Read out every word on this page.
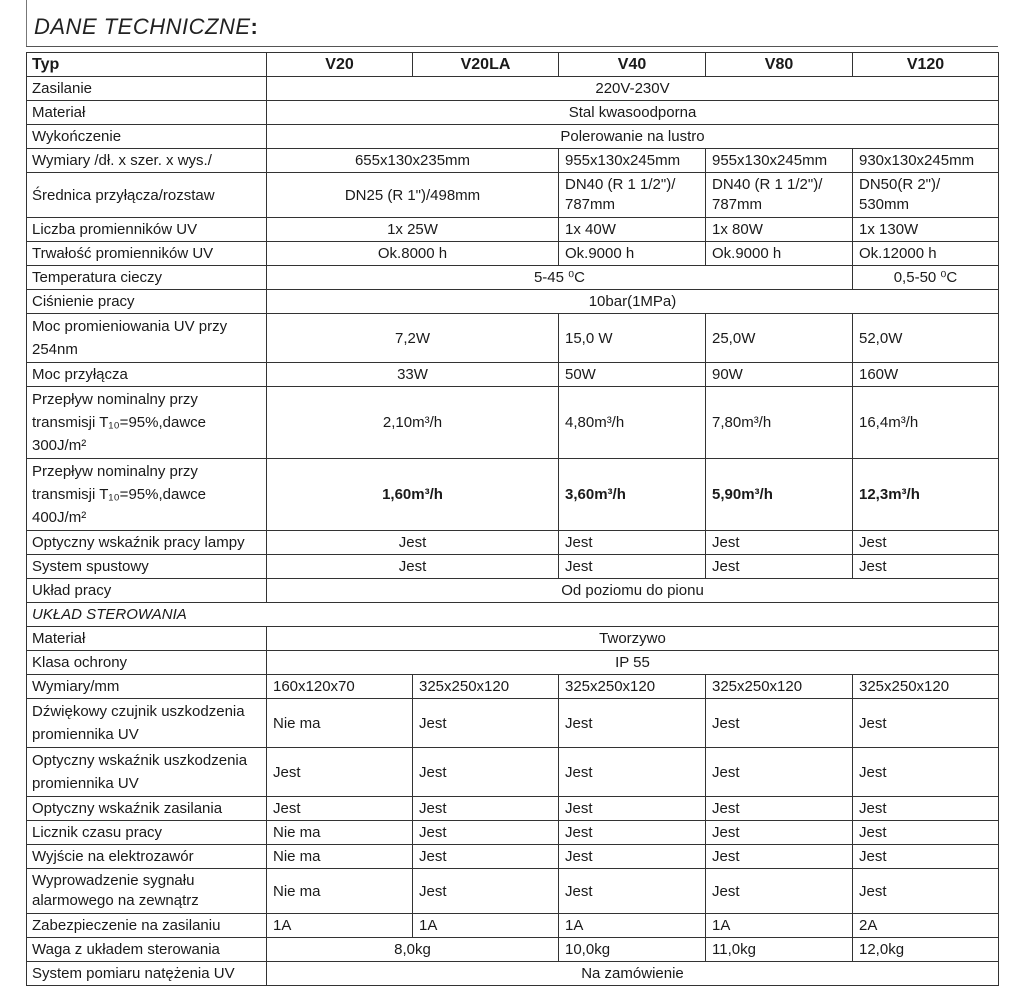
DANE TECHNICZNE:
Typ	V20	V20LA	V40	V80	V120
Zasilanie	220V-230V				
Materiał	Stal kwasoodporna				
Wykończenie	Polerowanie na lustro				
Wymiary /dł. x szer. x wys./	655x130x235mm		955x130x245mm	955x130x245mm	930x130x245mm
Średnica przyłącza/rozstaw	DN25 (R 1")/498mm		DN40 (R 1 1/2")/ 787mm	DN40 (R 1 1/2")/ 787mm	DN50(R 2")/ 530mm
Liczba promienników UV	1x 25W		1x 40W	1x 80W	1x 130W
Trwałość promienników UV	Ok.8000 h		Ok.9000 h	Ok.9000 h	Ok.12000 h
Temperatura cieczy	5-45 ⁰C				0,5-50 ⁰C
Ciśnienie pracy	10bar(1MPa)				
Moc promieniowania UV przy 254nm	7,2W		15,0 W	25,0W	52,0W
Moc przyłącza	33W		50W	90W	160W
Przepływ nominalny przy transmisji T₁₀=95%,dawce 300J/m²	2,10m³/h		4,80m³/h	7,80m³/h	16,4m³/h
Przepływ nominalny przy transmisji T₁₀=95%,dawce 400J/m²	1,60m³/h		3,60m³/h	5,90m³/h	12,3m³/h
Optyczny wskaźnik pracy lampy	Jest		Jest	Jest	Jest
System spustowy	Jest		Jest	Jest	Jest
Układ pracy	Od poziomu do pionu				
UKŁAD STEROWANIA					
Materiał	Tworzywo				
Klasa ochrony	IP 55				
Wymiary/mm	160x120x70	325x250x120	325x250x120	325x250x120	325x250x120
Dźwiękowy czujnik uszkodzenia promiennika UV	Nie ma	Jest	Jest	Jest	Jest
Optyczny wskaźnik uszkodzenia promiennika UV	Jest	Jest	Jest	Jest	Jest
Optyczny wskaźnik zasilania	Jest	Jest	Jest	Jest	Jest
Licznik czasu pracy	Nie ma	Jest	Jest	Jest	Jest
Wyjście na elektrozawór	Nie ma	Jest	Jest	Jest	Jest
Wyprowadzenie sygnału alarmowego na zewnątrz	Nie ma	Jest	Jest	Jest	Jest
Zabezpieczenie na zasilaniu	1A	1A	1A	1A	2A
Waga z układem sterowania	8,0kg		10,0kg	11,0kg	12,0kg
System pomiaru natężenia UV	Na zamówienie				
